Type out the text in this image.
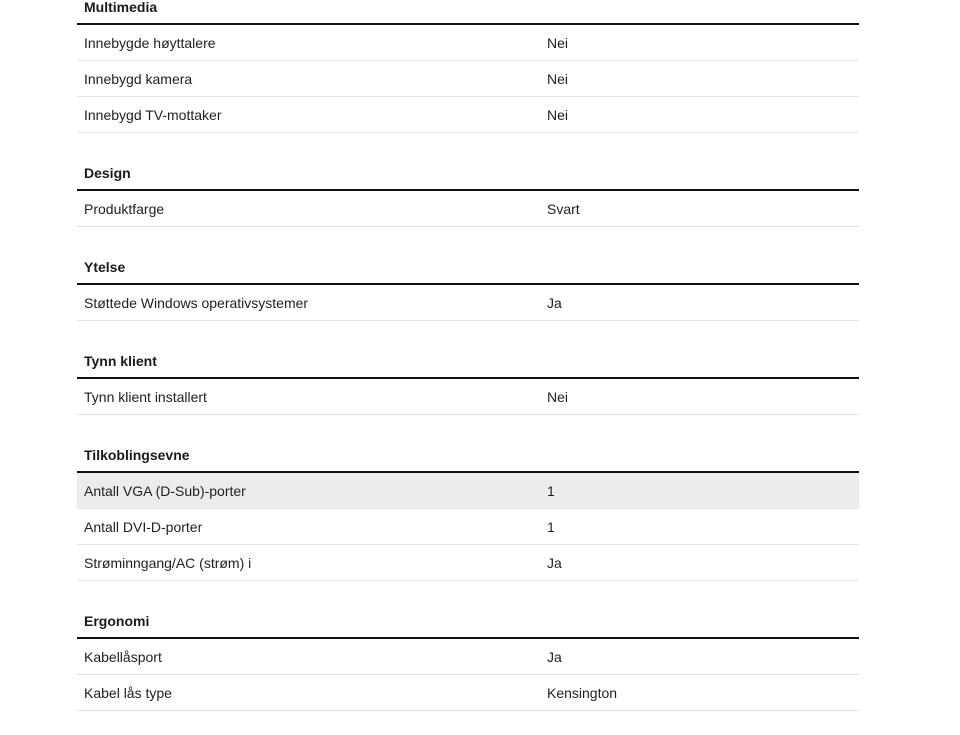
Multimedia
Innebygde høyttalere	Nei
Innebygd kamera	Nei
Innebygd TV-mottaker	Nei
Design
Produktfarge	Svart
Ytelse
Støttede Windows operativsystemer	Ja
Tynn klient
Tynn klient installert	Nei
Tilkoblingsevne
Antall VGA (D-Sub)-porter	1
Antall DVI-D-porter	1
Strøminngang/AC (strøm) i	Ja
Ergonomi
Kabellåsport	Ja
Kabel lås type	Kensington
